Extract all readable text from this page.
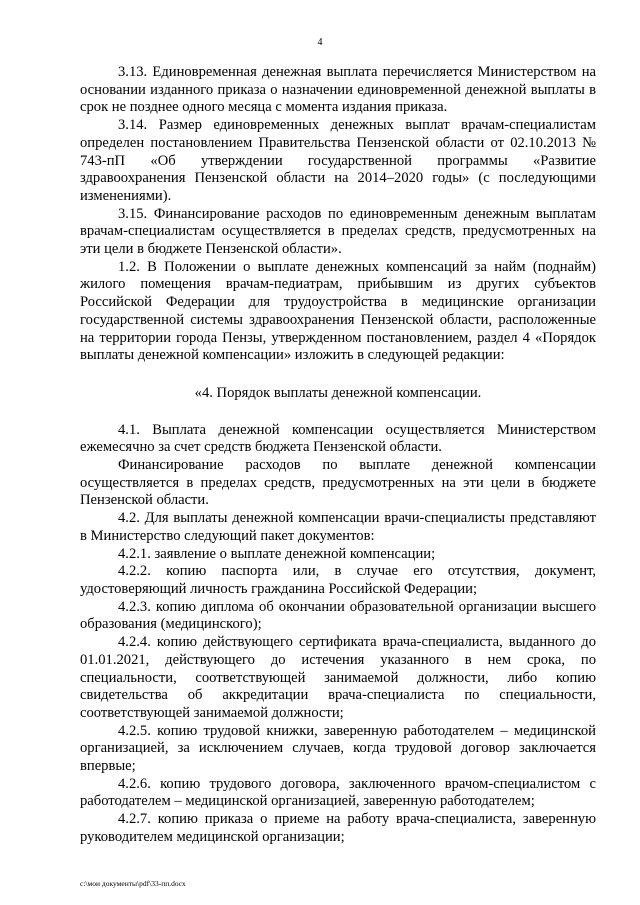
4

3.13. Единовременная денежная выплата перечисляется Министерством на основании изданного приказа о назначении единовременной денежной выплаты в срок не позднее одного месяца с момента издания приказа.

3.14. Размер единовременных денежных выплат врачам-специалистам определен постановлением Правительства Пензенской области от 02.10.2013 № 743-пП «Об утверждении государственной программы «Развитие здравоохранения Пензенской области на 2014–2020 годы» (с последующими изменениями).

3.15. Финансирование расходов по единовременным денежным выплатам врачам-специалистам осуществляется в пределах средств, предусмотренных на эти цели в бюджете Пензенской области».

1.2. В Положении о выплате денежных компенсаций за найм (поднайм) жилого помещения врачам-педиатрам, прибывшим из других субъектов Российской Федерации для трудоустройства в медицинские организации государственной системы здравоохранения Пензенской области, расположенные на территории города Пензы, утвержденном постановлением, раздел 4 «Порядок выплаты денежной компенсации» изложить в следующей редакции:

«4. Порядок выплаты денежной компенсации.

4.1. Выплата денежной компенсации осуществляется Министерством ежемесячно за счет средств бюджета Пензенской области.

Финансирование расходов по выплате денежной компенсации осуществляется в пределах средств, предусмотренных на эти цели в бюджете Пензенской области.

4.2. Для выплаты денежной компенсации врачи-специалисты представляют в Министерство следующий пакет документов:

4.2.1. заявление о выплате денежной компенсации;

4.2.2. копию паспорта или, в случае его отсутствия, документ, удостоверяющий личность гражданина Российской Федерации;

4.2.3. копию диплома об окончании образовательной организации высшего образования (медицинского);

4.2.4. копию действующего сертификата врача-специалиста, выданного до 01.01.2021, действующего до истечения указанного в нем срока, по специальности, соответствующей занимаемой должности, либо копию свидетельства об аккредитации врача-специалиста по специальности, соответствующей занимаемой должности;

4.2.5. копию трудовой книжки, заверенную работодателем – медицинской организацией, за исключением случаев, когда трудовой договор заключается впервые;

4.2.6. копию трудового договора, заключенного врачом-специалистом с работодателем – медицинской организацией, заверенную работодателем;

4.2.7. копию приказа о приеме на работу врача-специалиста, заверенную руководителем медицинской организации;

c:\мои документы\pdf\33-пп.docx
